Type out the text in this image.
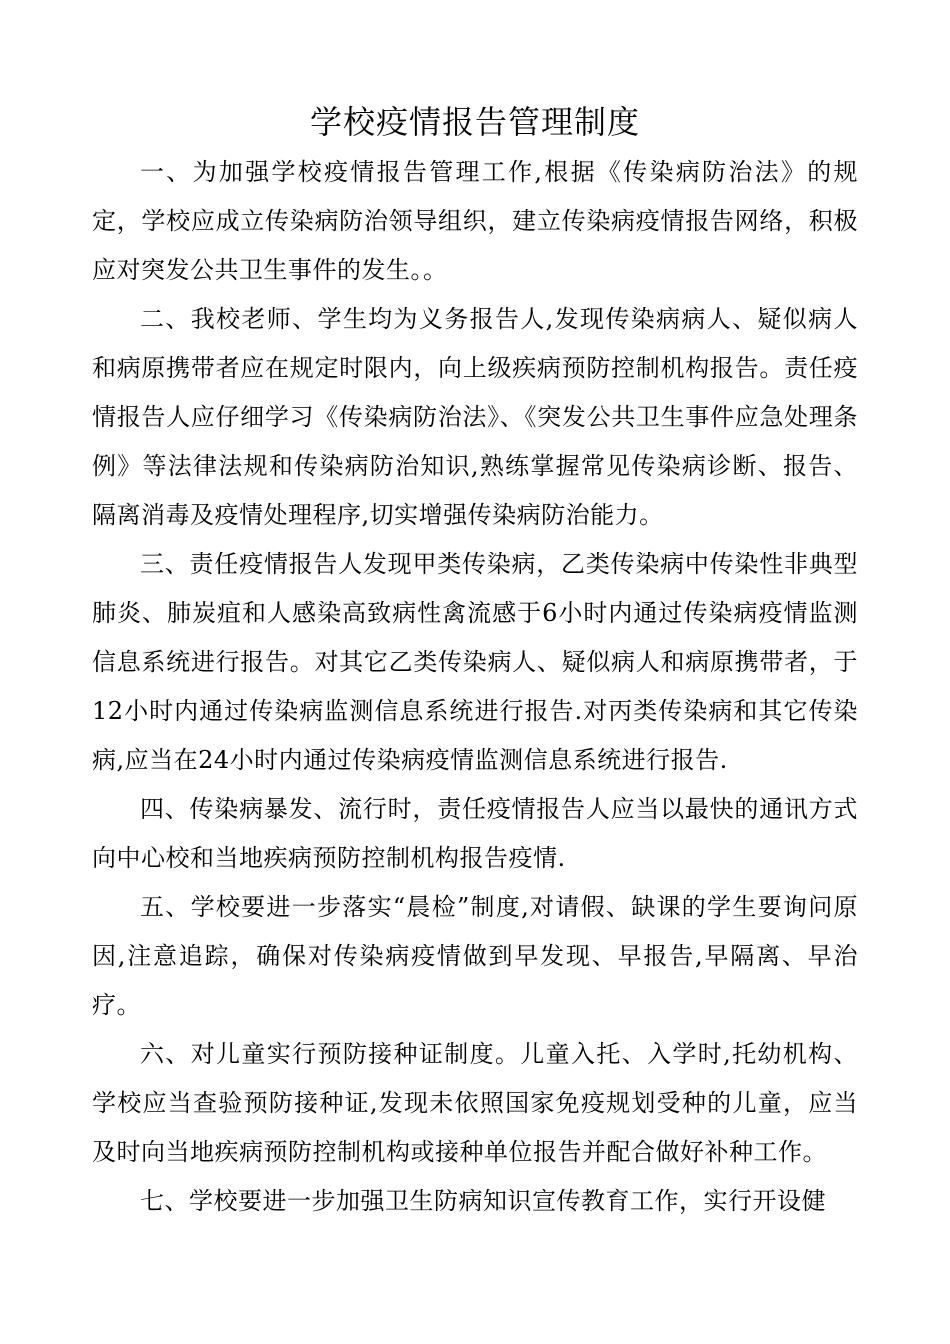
学校疫情报告管理制度

一、为加强学校疫情报告管理工作,根据《传染病防治法》的规定，学校应成立传染病防治领导组织，建立传染病疫情报告网络，积极应对突发公共卫生事件的发生。。

二、我校老师、学生均为义务报告人,发现传染病病人、疑似病人和病原携带者应在规定时限内，向上级疾病预防控制机构报告。责任疫情报告人应仔细学习《传染病防治法》、《突发公共卫生事件应急处理条例》等法律法规和传染病防治知识,熟练掌握常见传染病诊断、报告、隔离消毒及疫情处理程序,切实增强传染病防治能力。

三、责任疫情报告人发现甲类传染病，乙类传染病中传染性非典型肺炎、肺炭疽和人感染高致病性禽流感于6小时内通过传染病疫情监测信息系统进行报告。对其它乙类传染病人、疑似病人和病原携带者，于12小时内通过传染病监测信息系统进行报告.对丙类传染病和其它传染病,应当在24小时内通过传染病疫情监测信息系统进行报告.

四、传染病暴发、流行时，责任疫情报告人应当以最快的通讯方式向中心校和当地疾病预防控制机构报告疫情.

五、学校要进一步落实“晨检”制度,对请假、缺课的学生要询问原因,注意追踪，确保对传染病疫情做到早发现、早报告,早隔离、早治疗。

六、对儿童实行预防接种证制度。儿童入托、入学时,托幼机构、学校应当查验预防接种证,发现未依照国家免疫规划受种的儿童，应当及时向当地疾病预防控制机构或接种单位报告并配合做好补种工作。

七、学校要进一步加强卫生防病知识宣传教育工作，实行开设健
